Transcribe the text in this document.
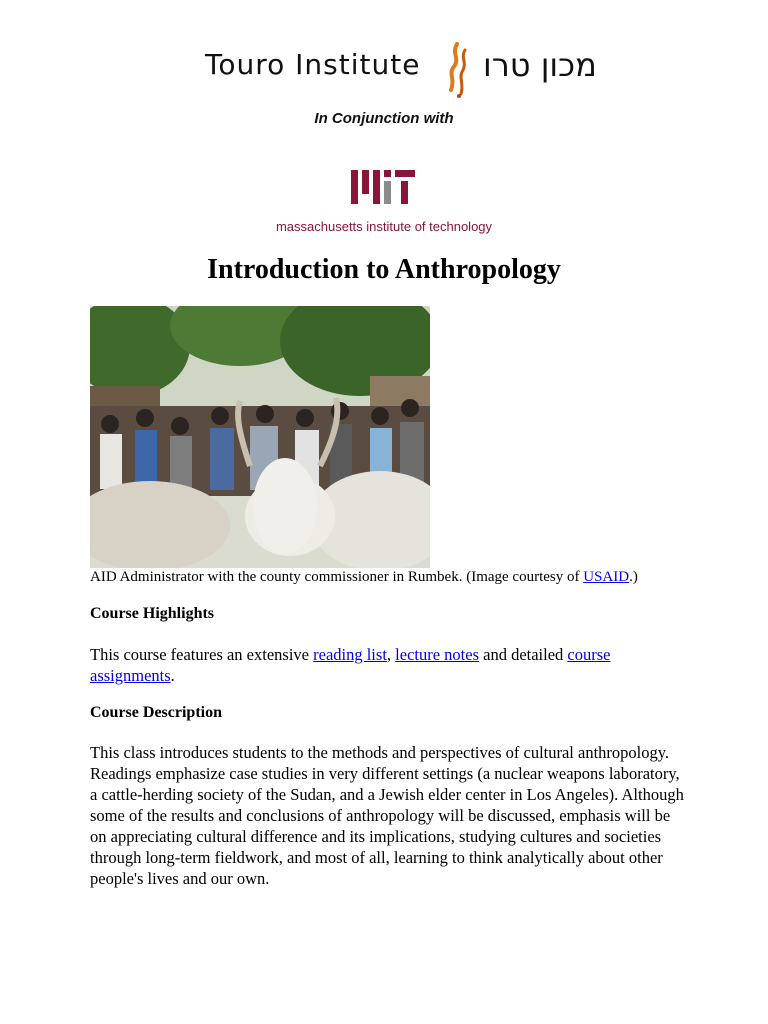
Touro Institute מכון טרו
In Conjunction with
massachusetts institute of technology
Introduction to Anthropology
AID Administrator with the county commissioner in Rumbek. (Image courtesy of USAID.)
Course Highlights

This course features an extensive reading list, lecture notes and detailed course assignments.

Course Description

This class introduces students to the methods and perspectives of cultural anthropology. Readings emphasize case studies in very different settings (a nuclear weapons laboratory, a cattle-herding society of the Sudan, and a Jewish elder center in Los Angeles). Although some of the results and conclusions of anthropology will be discussed, emphasis will be on appreciating cultural difference and its implications, studying cultures and societies through long-term fieldwork, and most of all, learning to think analytically about other people's lives and our own.
